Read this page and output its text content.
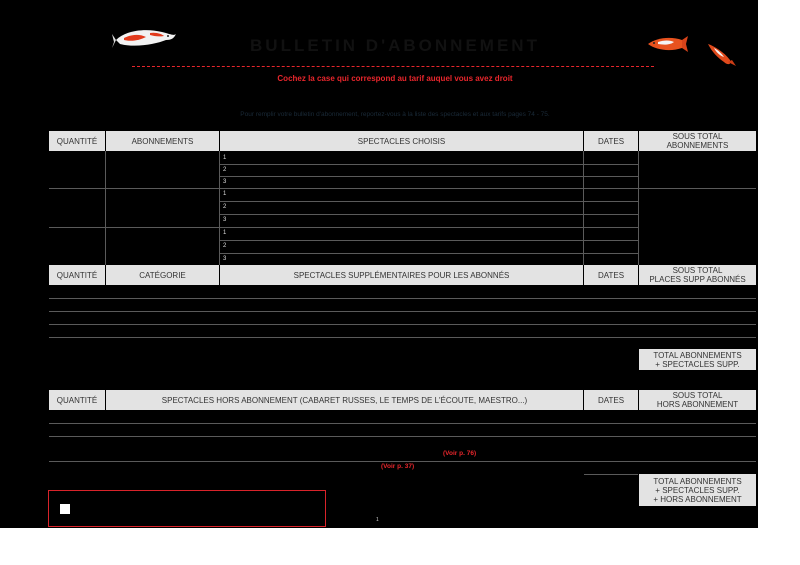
BULLETIN D'ABONNEMENT
Cochez la case qui correspond au tarif auquel vous avez droit
Pour remplir votre bulletin d'abonnement, reportez-vous à la liste des spectacles et aux tarifs pages 74 - 75.
QUANTITÉ	ABONNEMENTS	SPECTACLES CHOISIS	DATES	SOUS TOTAL
ABONNEMENTS
1
2
3
1
2
3
1
2
3
QUANTITÉ	CATÉGORIE	SPECTACLES SUPPLÉMENTAIRES POUR LES ABONNÉS	DATES	SOUS TOTAL
PLACES SUPP ABONNÉS
TOTAL ABONNEMENTS
+ SPECTACLES SUPP.
QUANTITÉ	SPECTACLES HORS ABONNEMENT (CABARET RUSSES, LE TEMPS DE L'ÉCOUTE, MAESTRO...)	DATES	SOUS TOTAL
HORS ABONNEMENT
(Voir p. 76)
(Voir p. 37)
TOTAL ABONNEMENTS
+ SPECTACLES SUPP.
+ HORS ABONNEMENT
1
